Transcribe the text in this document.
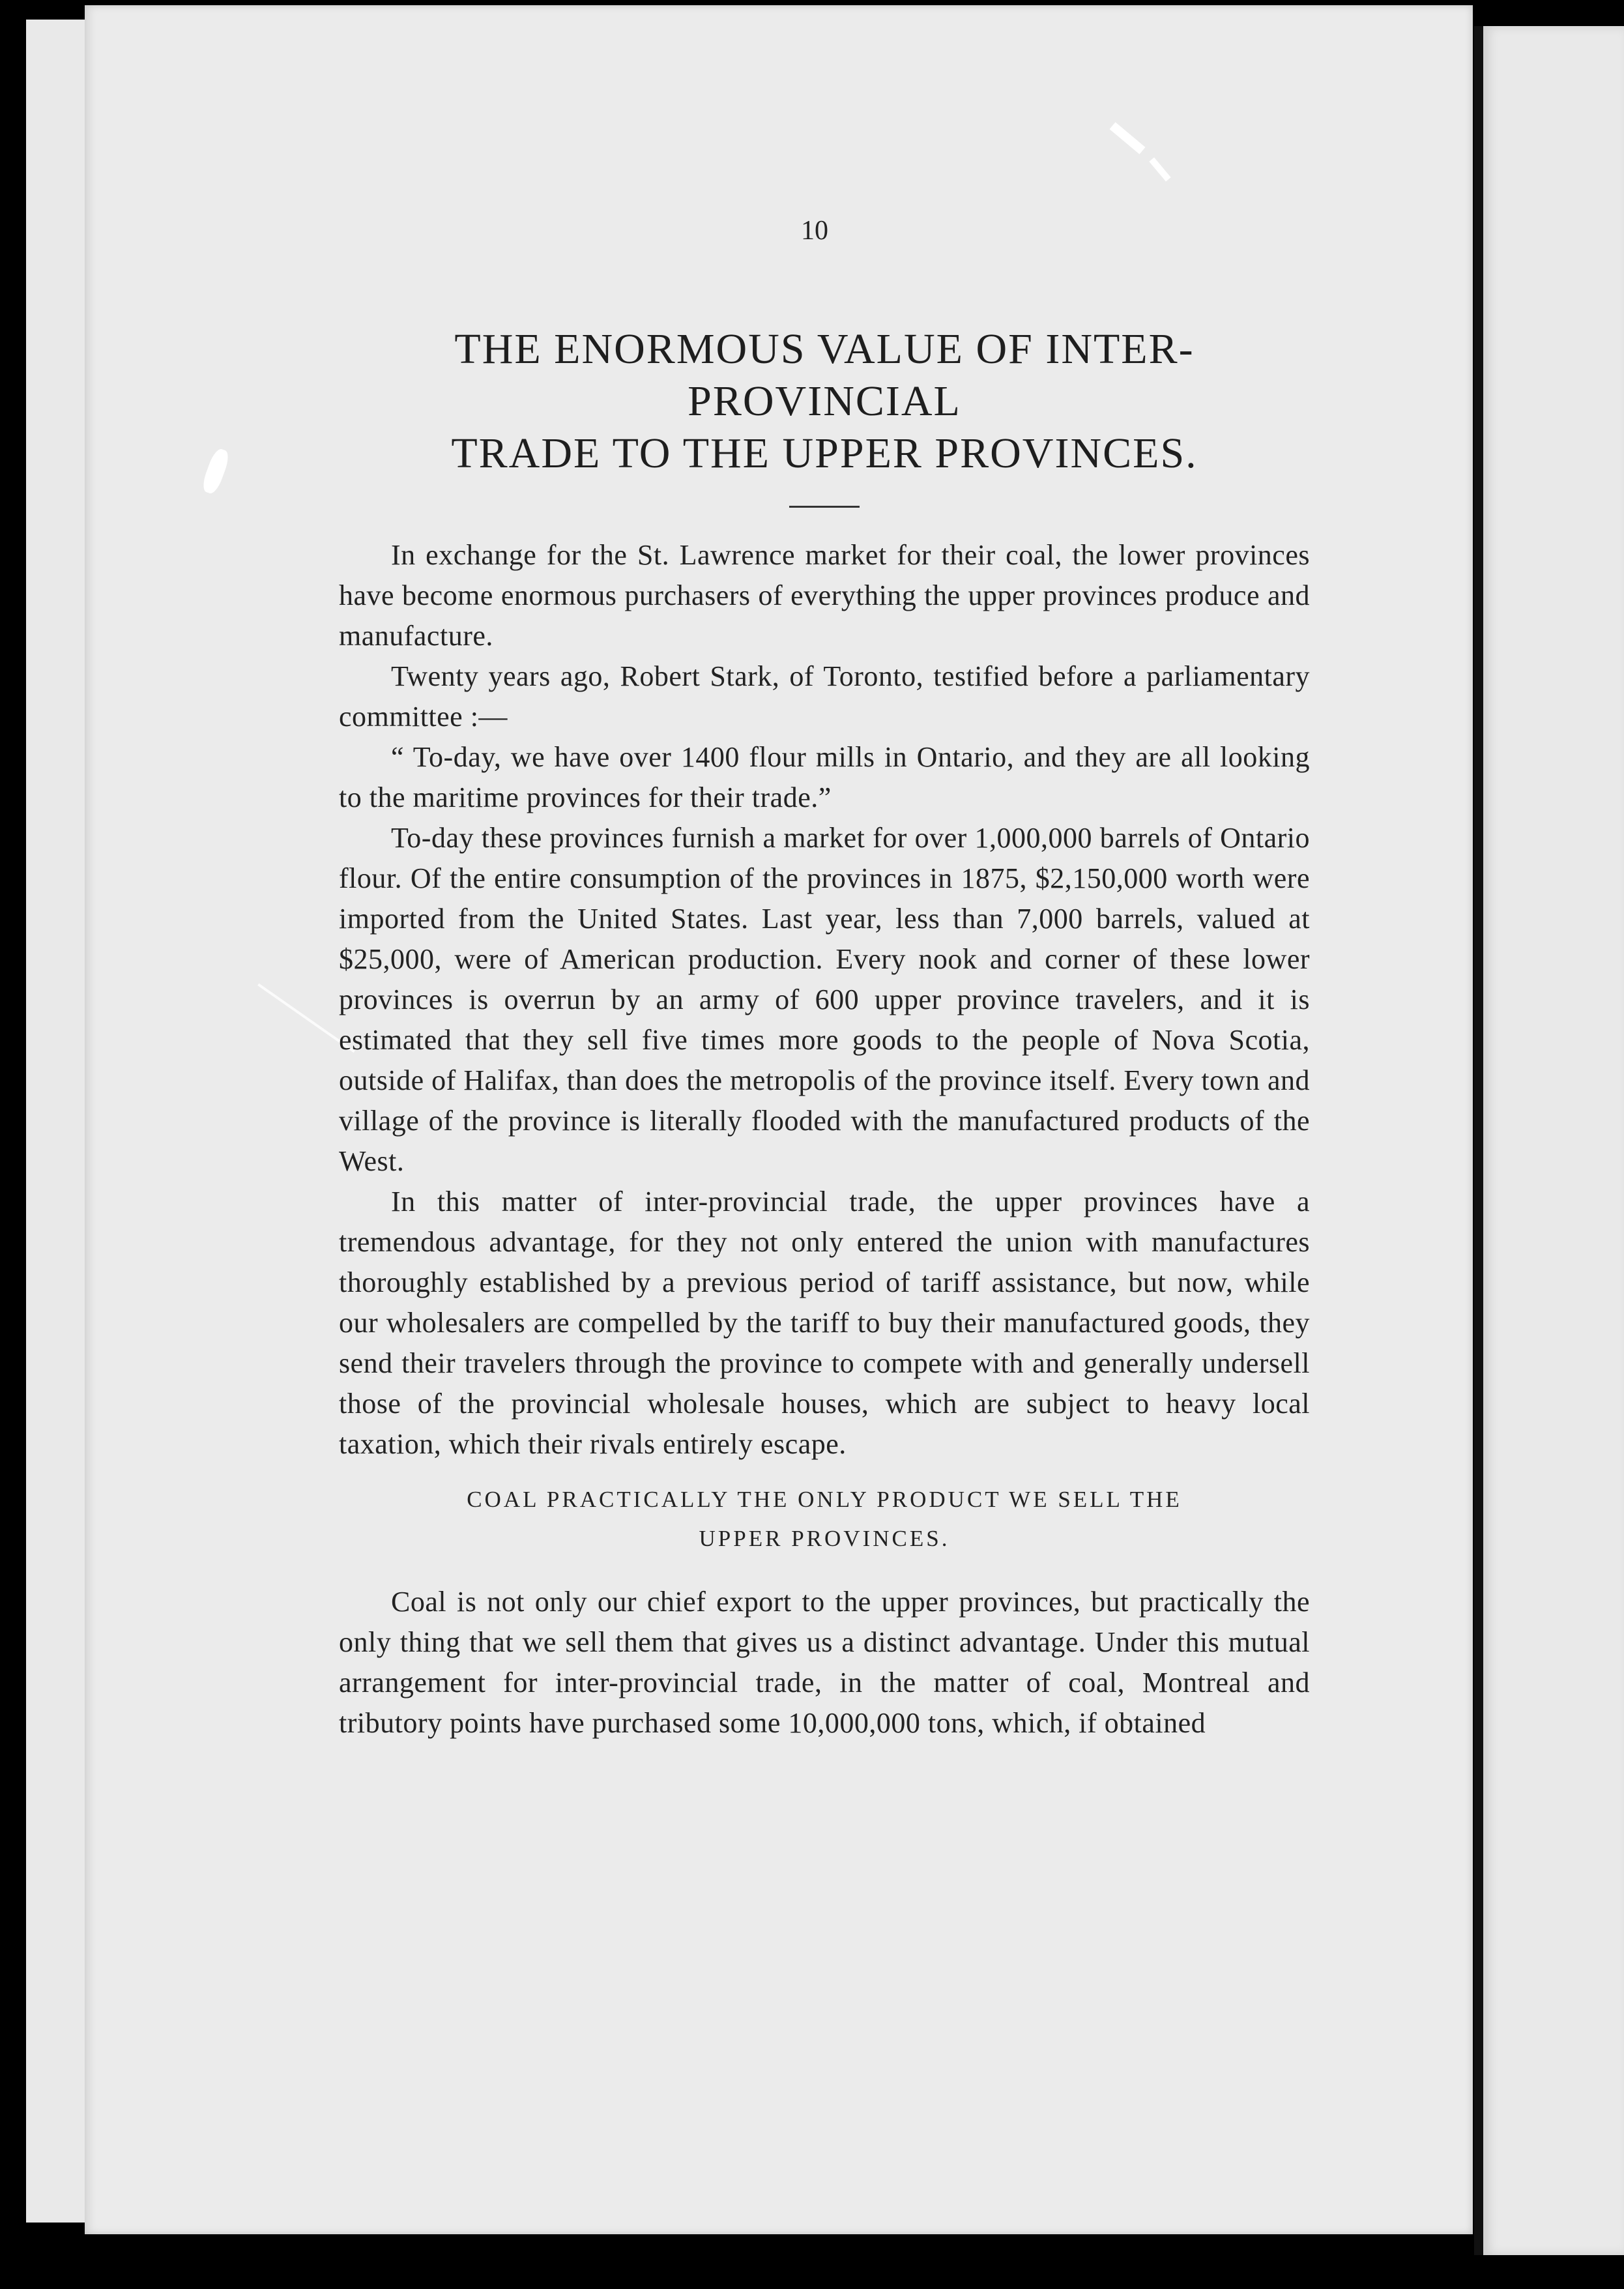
10
THE ENORMOUS VALUE OF INTER-PROVINCIAL
TRADE TO THE UPPER PROVINCES.

In exchange for the St. Lawrence market for their coal, the lower provinces have become enormous purchasers of everything the upper provinces produce and manufacture.

Twenty years ago, Robert Stark, of Toronto, testified before a parliamentary committee :—

“ To-day, we have over 1400 flour mills in Ontario, and they are all looking to the maritime provinces for their trade.”

To-day these provinces furnish a market for over 1,000,000 barrels of Ontario flour. Of the entire consumption of the provinces in 1875, $2,150,000 worth were imported from the United States. Last year, less than 7,000 barrels, valued at $25,000, were of American production. Every nook and corner of these lower provinces is overrun by an army of 600 upper province travelers, and it is estimated that they sell five times more goods to the people of Nova Scotia, outside of Halifax, than does the metropolis of the province itself. Every town and village of the province is literally flooded with the manufactured products of the West.

In this matter of inter-provincial trade, the upper provinces have a tremendous advantage, for they not only entered the union with manufactures thoroughly established by a previous period of tariff assistance, but now, while our wholesalers are compelled by the tariff to buy their manufactured goods, they send their travelers through the province to compete with and generally undersell those of the provincial wholesale houses, which are subject to heavy local taxation, which their rivals entirely escape.

COAL PRACTICALLY THE ONLY PRODUCT WE SELL THE
UPPER PROVINCES.

Coal is not only our chief export to the upper provinces, but practically the only thing that we sell them that gives us a distinct advantage. Under this mutual arrangement for inter-provincial trade, in the matter of coal, Montreal and tributory points have purchased some 10,000,000 tons, which, if obtained
